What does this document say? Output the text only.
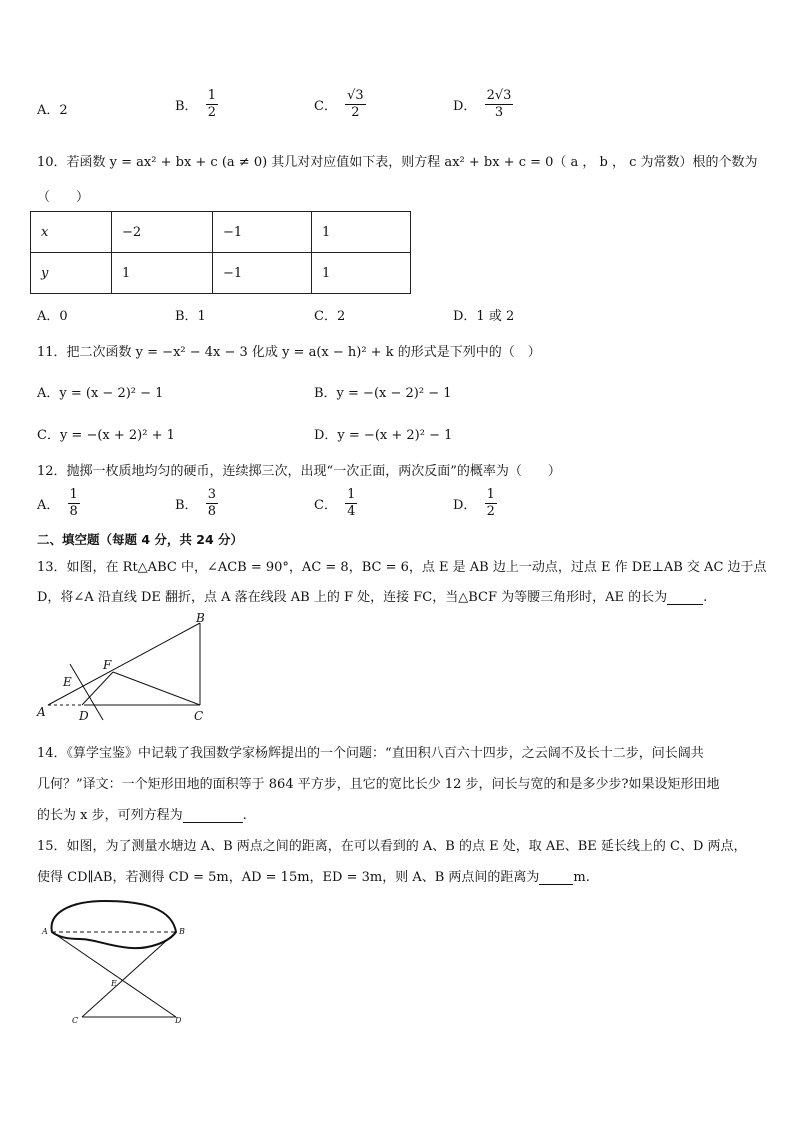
A．2	B． $\frac{1}{2}$	C． $\frac{√3}{2}$	D． $\frac{2√3}{3}$
10．若函数 y = ax² + bx + c (a ≠ 0) 其几对对应值如下表，则方程 ax² + bx + c = 0（ a ， b ， c 为常数）根的个数为
（　　）
x	−2	−1	1
y	1	−1	1
A．0	B．1	C．2	D．1 或 2
11．把二次函数 y = −x² − 4x − 3 化成 y = a(x − h)² + k 的形式是下列中的（　）
A．y = (x − 2)² − 1	B．y = −(x − 2)² − 1
C．y = −(x + 2)² + 1	D．y = −(x + 2)² − 1
12．抛掷一枚质地均匀的硬币，连续掷三次，出现“一次正面，两次反面”的概率为（　　）
A． $\frac{1}{8}$	B． $\frac{3}{8}$	C． $\frac{1}{4}$	D． $\frac{1}{2}$
二、填空题（每题 4 分，共 24 分）
13．如图，在 Rt△ABC 中，∠ACB = 90°，AC = 8，BC = 6，点 E 是 AB 边上一动点，过点 E 作 DE⊥AB 交 AC 边于点
D，将∠A 沿直线 DE 翻折，点 A 落在线段 AB 上的 F 处，连接 FC，当△BCF 为等腰三角形时，AE 的长为	.
B
F
E
A	D	C
14．《算学宝鉴》中记载了我国数学家杨辉提出的一个问题：“直田积八百六十四步，之云阔不及长十二步，问长阔共
几何？”译文：一个矩形田地的面积等于 864 平方步，且它的宽比长少 12 步，问长与宽的和是多少步?如果设矩形田地
的长为 x 步，可列方程为	.
15．如图，为了测量水塘边 A、B 两点之间的距离，在可以看到的 A、B 的点 E 处，取 AE、BE 延长线上的 C、D 两点，
使得 CD∥AB，若测得 CD = 5m，AD = 15m，ED = 3m，则 A、B 两点间的距离为	m.
A	B
E
C	D
